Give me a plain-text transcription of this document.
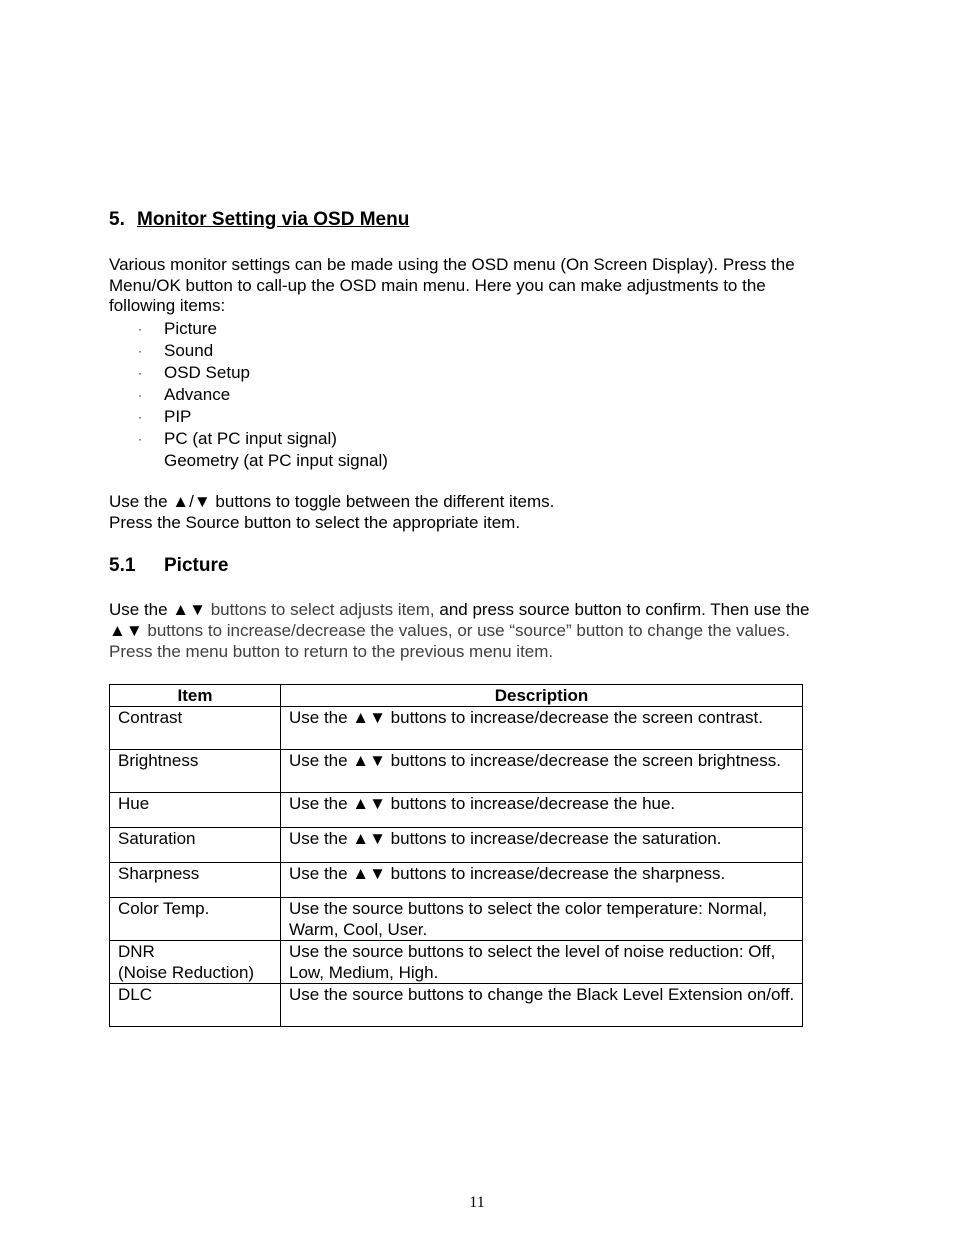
5. Monitor Setting via OSD Menu
Various monitor settings can be made using the OSD menu (On Screen Display). Press the Menu/OK button to call-up the OSD main menu. Here you can make adjustments to the following items:
· Picture
· Sound
· OSD Setup
· Advance
· PIP
· PC (at PC input signal)
Geometry (at PC input signal)

Use the ▲/▼ buttons to toggle between the different items.

Press the Source button to select the appropriate item.

5.1 Picture
Use the ▲▼ buttons to select adjusts item, and press source button to confirm. Then use the ▲▼ buttons to increase/decrease the values, or use “source” button to change the values. Press the menu button to return to the previous menu item.
Item	Description
Contrast	Use the ▲▼ buttons to increase/decrease the screen contrast.
Brightness	Use the ▲▼ buttons to increase/decrease the screen brightness.
Hue	Use the ▲▼ buttons to increase/decrease the hue.
Saturation	Use the ▲▼ buttons to increase/decrease the saturation.
Sharpness	Use the ▲▼ buttons to increase/decrease the sharpness.
Color Temp.	Use the source buttons to select the color temperature: Normal, Warm, Cool, User.
DNR
(Noise Reduction)	Use the source buttons to select the level of noise reduction: Off, Low, Medium, High.
DLC	Use the source buttons to change the Black Level Extension on/off.
11
